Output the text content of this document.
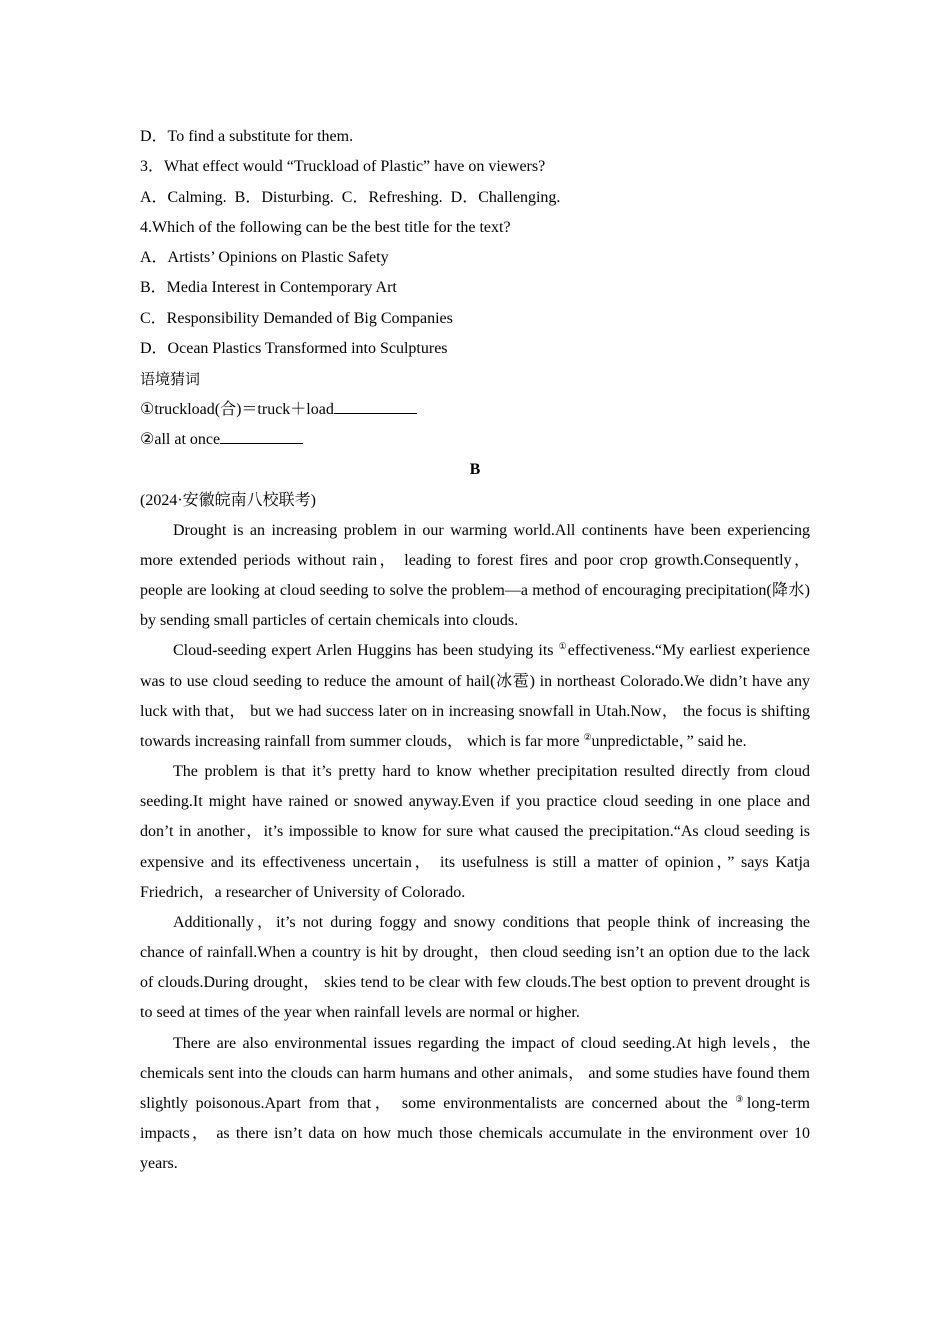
D．To find a substitute for them.
3．What effect would “Truckload of Plastic” have on viewers?
A．Calming.  B．Disturbing.  C．Refreshing.  D．Challenging.
4.Which of the following can be the best title for the text?
A．Artists’ Opinions on Plastic Safety
B．Media Interest in Contemporary Art
C．Responsibility Demanded of Big Companies
D．Ocean Plastics Transformed into Sculptures
语境猜词
①truckload(合)＝truck＋load
②all at once
B
(2024·安徽皖南八校联考)

Drought is an increasing problem in our warming world.All continents have been experiencing more extended periods without rain， leading to forest fires and poor crop growth.Consequently， people are looking at cloud seeding to solve the problem—a method of encouraging precipitation(降水) by sending small particles of certain chemicals into clouds.

Cloud-seeding expert Arlen Huggins has been studying its ①effectiveness.“My earliest experience was to use cloud seeding to reduce the amount of hail(冰雹) in northeast Colorado.We didn’t have any luck with that， but we had success later on in increasing snowfall in Utah.Now， the focus is shifting towards increasing rainfall from summer clouds， which is far more ②unpredictable，” said he.

The problem is that it’s pretty hard to know whether precipitation resulted directly from cloud seeding.It might have rained or snowed anyway.Even if you practice cloud seeding in one place and don’t in another，it’s impossible to know for sure what caused the precipitation.“As cloud seeding is expensive and its effectiveness uncertain， its usefulness is still a matter of opinion，” says Katja Friedrich，a researcher of University of Colorado.

Additionally，it’s not during foggy and snowy conditions that people think of increasing the chance of rainfall.When a country is hit by drought，then cloud seeding isn’t an option due to the lack of clouds.During drought， skies tend to be clear with few clouds.The best option to prevent drought is to seed at times of the year when rainfall levels are normal or higher.

There are also environmental issues regarding the impact of cloud seeding.At high levels，the chemicals sent into the clouds can harm humans and other animals， and some studies have found them slightly poisonous.Apart from that， some environmentalists are concerned about the ③long-term impacts， as there isn’t data on how much those chemicals accumulate in the environment over 10 years.
